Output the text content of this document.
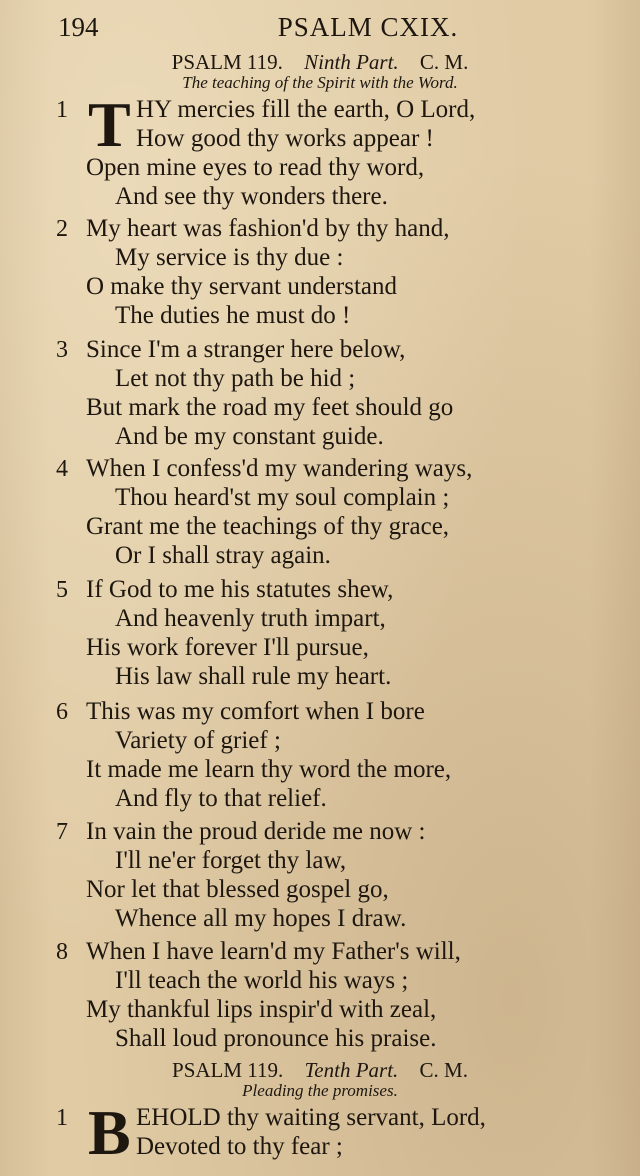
194	PSALM CXIX.
PSALM 119. Ninth Part. C. M.
The teaching of the Spirit with the Word.
1 T HY mercies fill the earth, O Lord,
How good thy works appear !
Open mine eyes to read thy word,
And see thy wonders there.
2 My heart was fashion'd by thy hand,
My service is thy due :
O make thy servant understand
The duties he must do !
3 Since I'm a stranger here below,
Let not thy path be hid ;
But mark the road my feet should go
And be my constant guide.
4 When I confess'd my wandering ways,
Thou heard'st my soul complain ;
Grant me the teachings of thy grace,
Or I shall stray again.
5 If God to me his statutes shew,
And heavenly truth impart,
His work forever I'll pursue,
His law shall rule my heart.
6 This was my comfort when I bore
Variety of grief ;
It made me learn thy word the more,
And fly to that relief.
7 In vain the proud deride me now :
I'll ne'er forget thy law,
Nor let that blessed gospel go,
Whence all my hopes I draw.
8 When I have learn'd my Father's will,
I'll teach the world his ways ;
My thankful lips inspir'd with zeal,
Shall loud pronounce his praise.
PSALM 119. Tenth Part. C. M.
Pleading the promises.
1 B EHOLD thy waiting servant, Lord,
Devoted to thy fear ;
